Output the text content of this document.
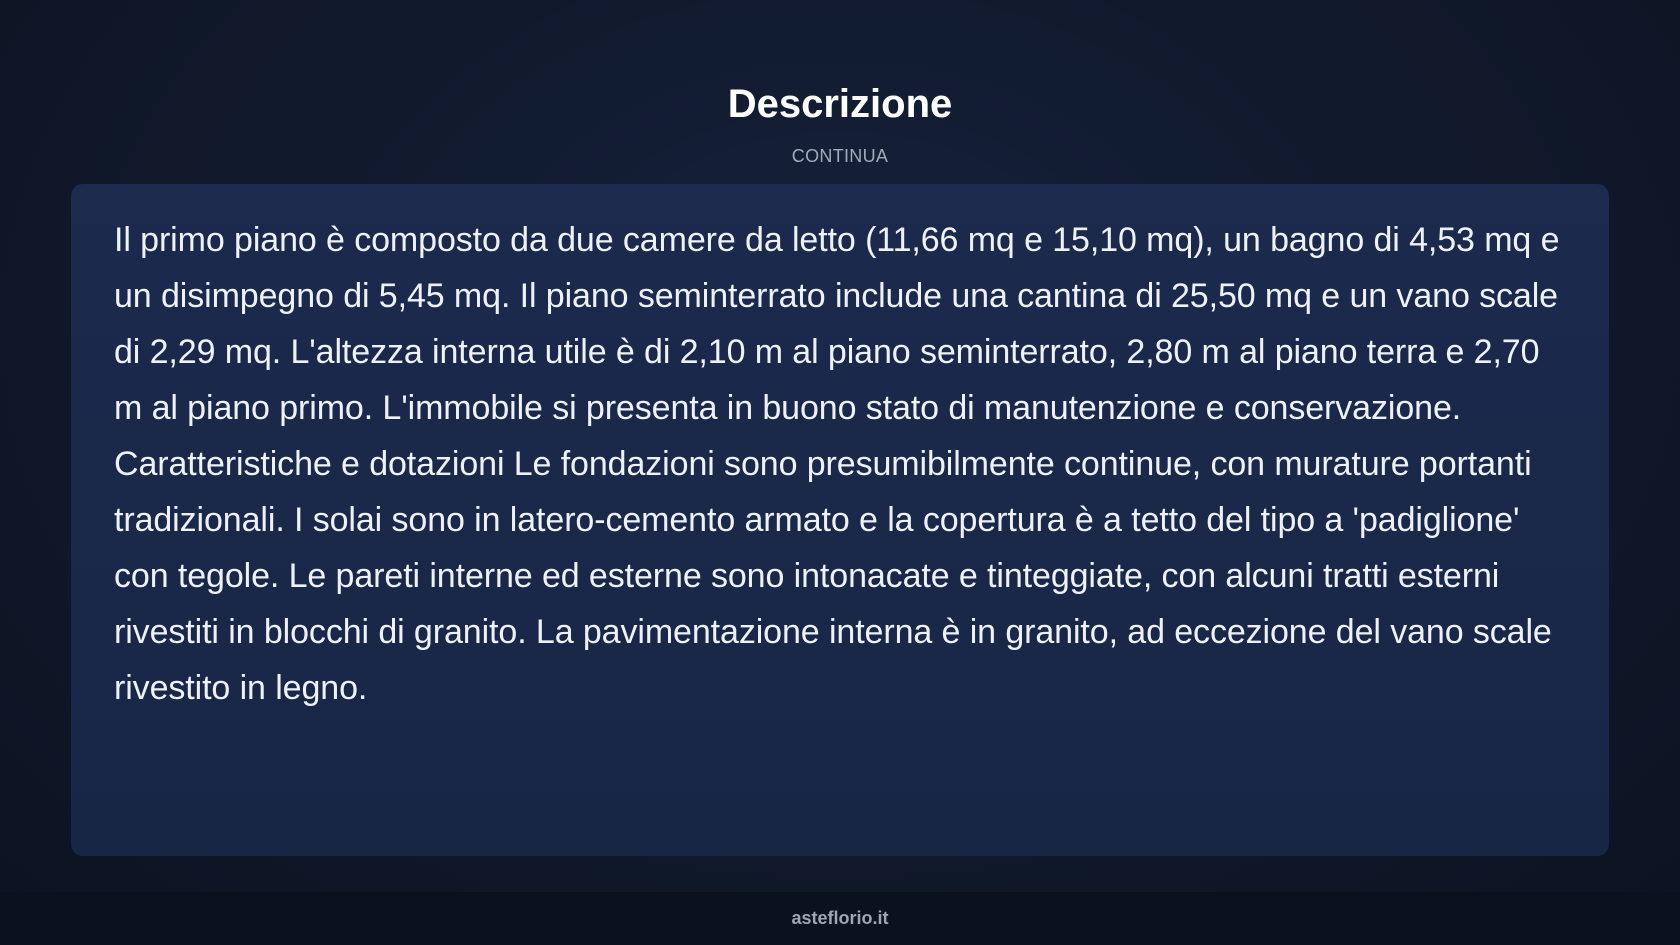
Descrizione
CONTINUA

Il primo piano è composto da due camere da letto (11,66 mq e 15,10 mq), un bagno di 4,53 mq e un disimpegno di 5,45 mq. Il piano seminterrato include una cantina di 25,50 mq e un vano scale di 2,29 mq. L'altezza interna utile è di 2,10 m al piano seminterrato, 2,80 m al piano terra e 2,70 m al piano primo. L'immobile si presenta in buono stato di manutenzione e conservazione. Caratteristiche e dotazioni Le fondazioni sono presumibilmente continue, con murature portanti tradizionali. I solai sono in latero-cemento armato e la copertura è a tetto del tipo a 'padiglione' con tegole. Le pareti interne ed esterne sono intonacate e tinteggiate, con alcuni tratti esterni rivestiti in blocchi di granito. La pavimentazione interna è in granito, ad eccezione del vano scale rivestito in legno.

asteflorio.it
